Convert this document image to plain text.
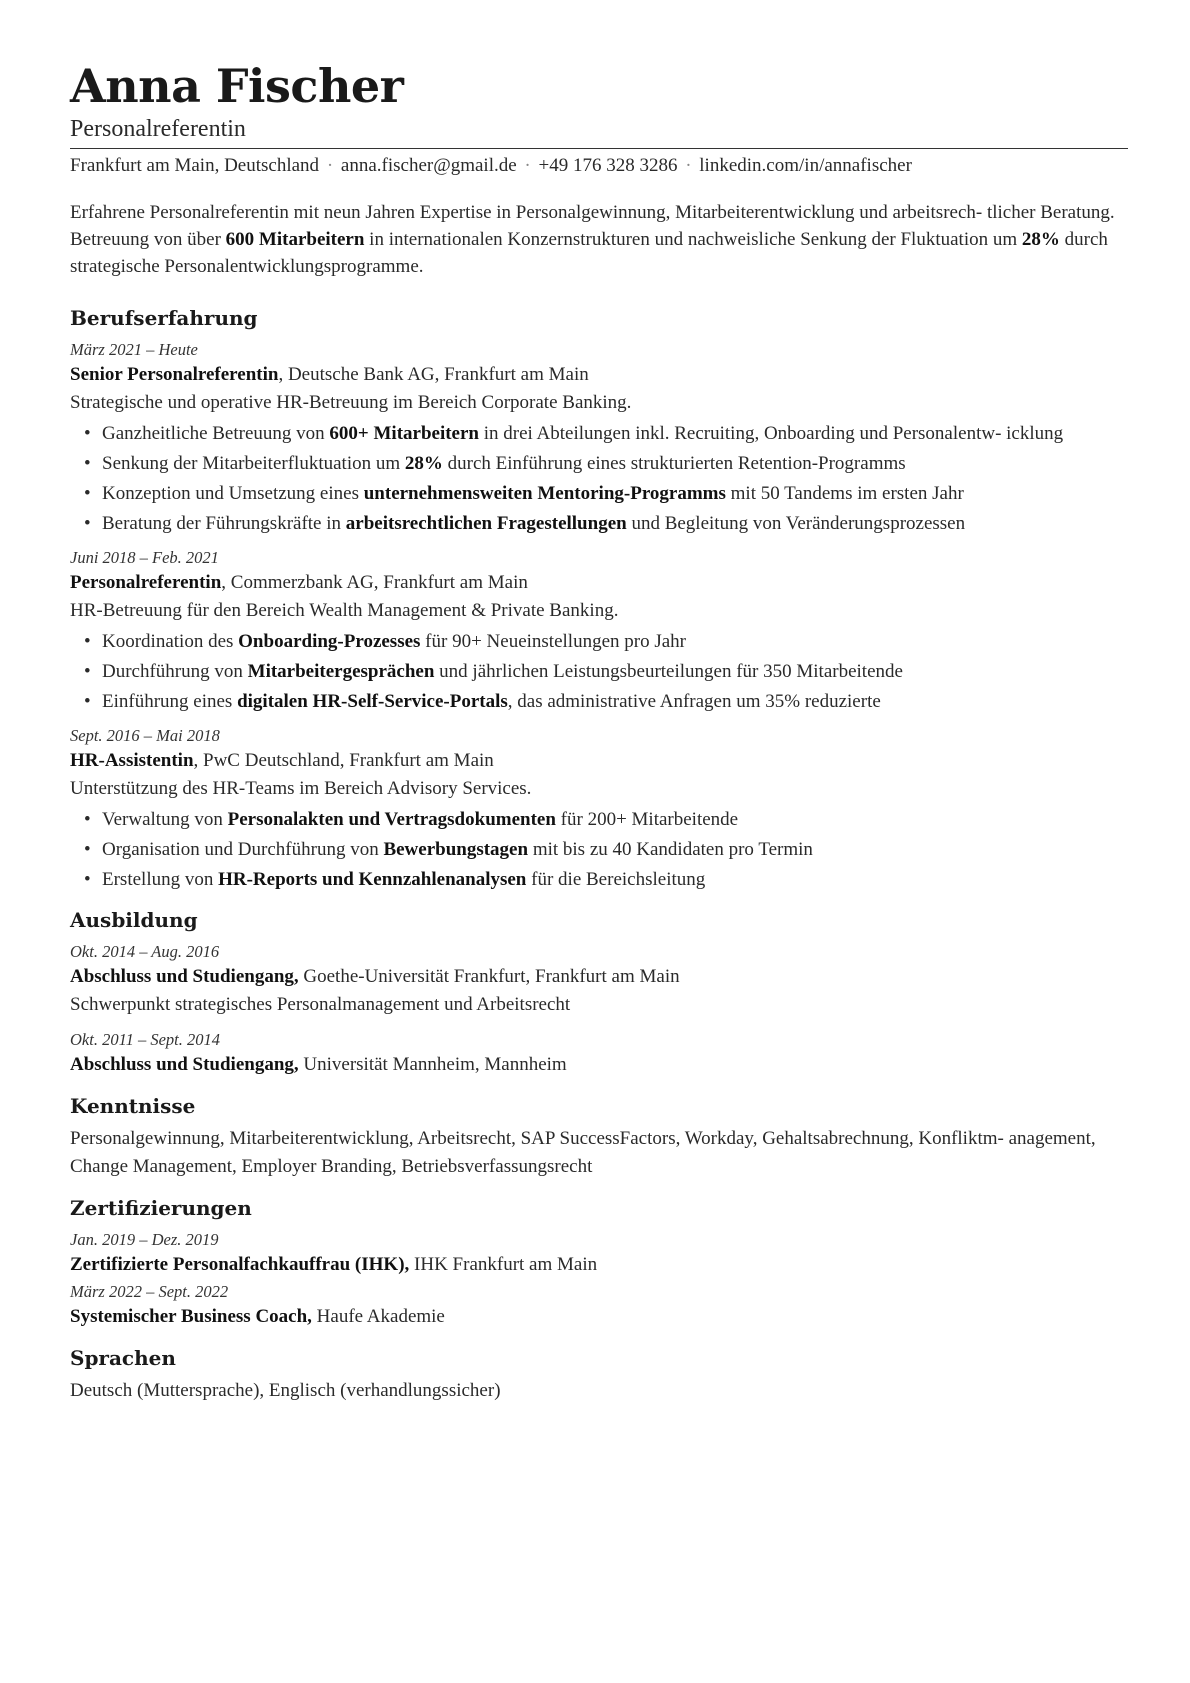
Anna Fischer
Personalreferentin
Frankfurt am Main, Deutschland · anna.fischer@gmail.de · +49 176 328 3286 · linkedin.com/in/annafischer
Erfahrene Personalreferentin mit neun Jahren Expertise in Personalgewinnung, Mitarbeiterentwicklung und arbeitsrech- tlicher Beratung. Betreuung von über 600 Mitarbeitern in internationalen Konzernstrukturen und nachweisliche Senkung der Fluktuation um 28% durch strategische Personalentwicklungsprogramme.
Berufserfahrung
März 2021 – Heute
Senior Personalreferentin, Deutsche Bank AG, Frankfurt am Main
Strategische und operative HR-Betreuung im Bereich Corporate Banking.
• Ganzheitliche Betreuung von 600+ Mitarbeitern in drei Abteilungen inkl. Recruiting, Onboarding und Personalentw- icklung
• Senkung der Mitarbeiterfluktuation um 28% durch Einführung eines strukturierten Retention-Programms
• Konzeption und Umsetzung eines unternehmensweiten Mentoring-Programms mit 50 Tandems im ersten Jahr
• Beratung der Führungskräfte in arbeitsrechtlichen Fragestellungen und Begleitung von Veränderungsprozessen
Juni 2018 – Feb. 2021
Personalreferentin, Commerzbank AG, Frankfurt am Main
HR-Betreuung für den Bereich Wealth Management & Private Banking.
• Koordination des Onboarding-Prozesses für 90+ Neueinstellungen pro Jahr
• Durchführung von Mitarbeitergesprächen und jährlichen Leistungsbeurteilungen für 350 Mitarbeitende
• Einführung eines digitalen HR-Self-Service-Portals, das administrative Anfragen um 35% reduzierte
Sept. 2016 – Mai 2018
HR-Assistentin, PwC Deutschland, Frankfurt am Main
Unterstützung des HR-Teams im Bereich Advisory Services.
• Verwaltung von Personalakten und Vertragsdokumenten für 200+ Mitarbeitende
• Organisation und Durchführung von Bewerbungstagen mit bis zu 40 Kandidaten pro Termin
• Erstellung von HR-Reports und Kennzahlenanalysen für die Bereichsleitung
Ausbildung
Okt. 2014 – Aug. 2016
Abschluss und Studiengang, Goethe-Universität Frankfurt, Frankfurt am Main
Schwerpunkt strategisches Personalmanagement und Arbeitsrecht
Okt. 2011 – Sept. 2014
Abschluss und Studiengang, Universität Mannheim, Mannheim
Kenntnisse
Personalgewinnung, Mitarbeiterentwicklung, Arbeitsrecht, SAP SuccessFactors, Workday, Gehaltsabrechnung, Konfliktm- anagement, Change Management, Employer Branding, Betriebsverfassungsrecht
Zertifizierungen
Jan. 2019 – Dez. 2019
Zertifizierte Personalfachkauffrau (IHK), IHK Frankfurt am Main
März 2022 – Sept. 2022
Systemischer Business Coach, Haufe Akademie
Sprachen
Deutsch (Muttersprache), Englisch (verhandlungssicher)
